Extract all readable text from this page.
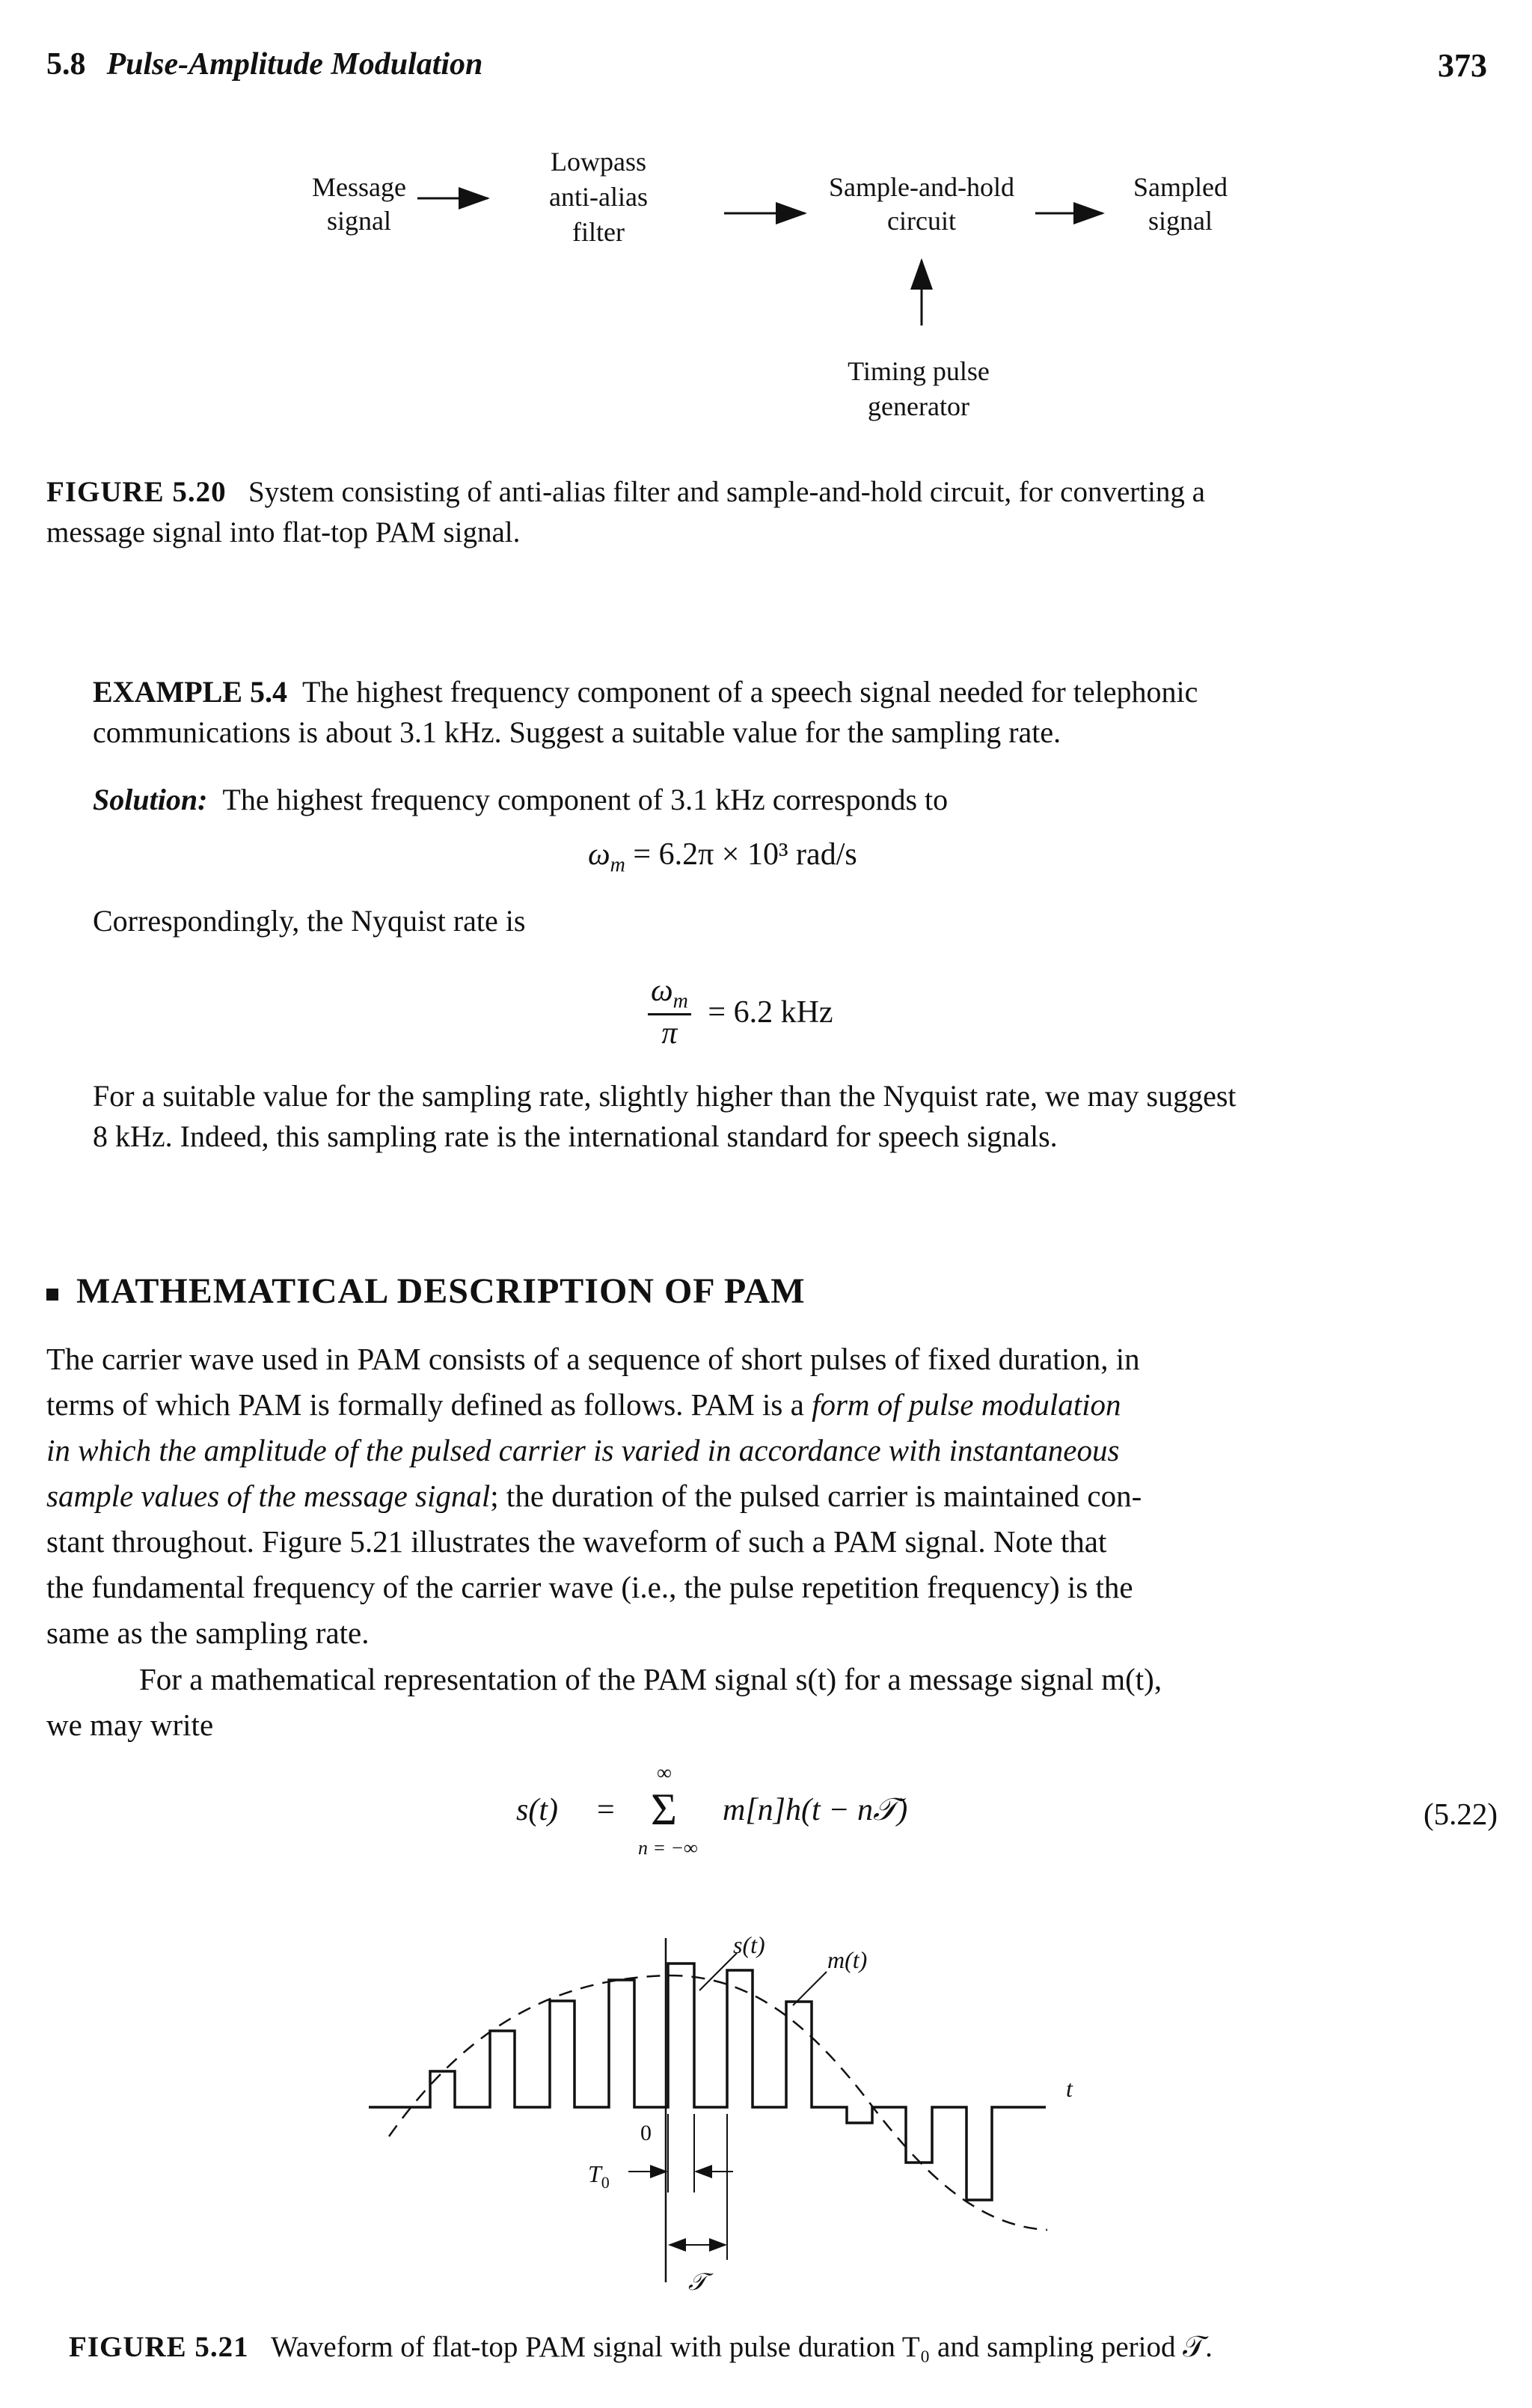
5.8 Pulse-Amplitude Modulation	373
Message
signal
Lowpass
anti-alias
filter
Sample-and-hold
circuit
Sampled
signal
Timing pulse
generator
FIGURE 5.20 System consisting of anti-alias filter and sample-and-hold circuit, for converting a
message signal into flat-top PAM signal.
EXAMPLE 5.4 The highest frequency component of a speech signal needed for telephonic
communications is about 3.1 kHz. Suggest a suitable value for the sampling rate.
Solution: The highest frequency component of 3.1 kHz corresponds to
$\omega_m = 6.2\pi \times 10^3$ rad/s
Correspondingly, the Nyquist rate is
$\frac{\omega_m}{\pi} = 6.2$ kHz
For a suitable value for the sampling rate, slightly higher than the Nyquist rate, we may suggest
8 kHz. Indeed, this sampling rate is the international standard for speech signals.
MATHEMATICAL DESCRIPTION OF PAM
The carrier wave used in PAM consists of a sequence of short pulses of fixed duration, in
terms of which PAM is formally defined as follows. PAM is a form of pulse modulation
in which the amplitude of the pulsed carrier is varied in accordance with instantaneous
sample values of the message signal; the duration of the pulsed carrier is maintained con-
stant throughout. Figure 5.21 illustrates the waveform of such a PAM signal. Note that
the fundamental frequency of the carrier wave (i.e., the pulse repetition frequency) is the
same as the sampling rate.
For a mathematical representation of the PAM signal s(t) for a message signal m(t),
we may write
s(t) =
∞
Σ
n = −∞
m[n]h(t − n𝒯)	(5.22)
s(t)
m(t)
t
$T_0$
𝒯
0
FIGURE 5.21 Waveform of flat-top PAM signal with pulse duration T₀ and sampling period 𝒯.
